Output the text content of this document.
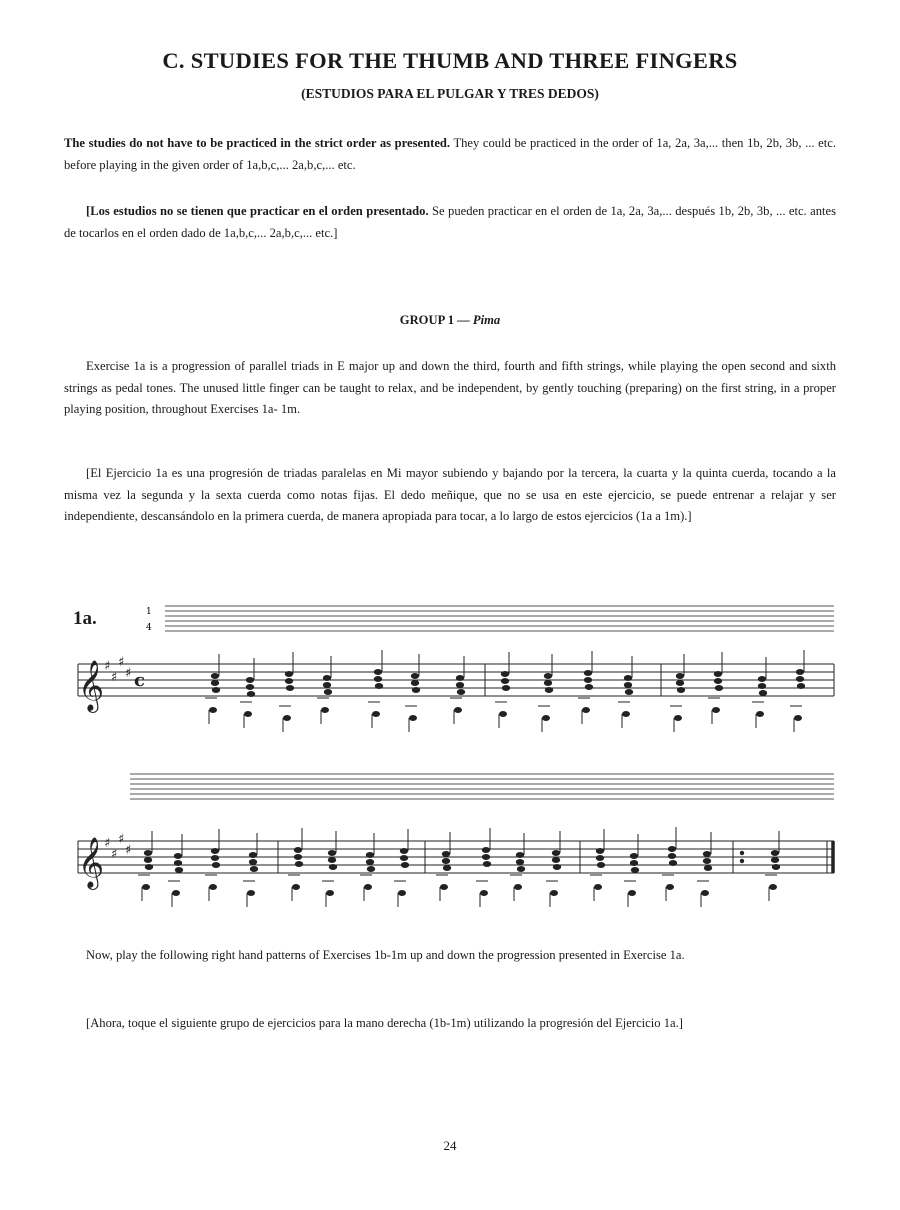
C. STUDIES FOR THE THUMB AND THREE FINGERS
(ESTUDIOS PARA EL PULGAR Y TRES DEDOS)
The studies do not have to be practiced in the strict order as presented. They could be practiced in the order of 1a, 2a, 3a,... then 1b, 2b, 3b, ... etc. before playing in the given order of 1a,b,c,... 2a,b,c,... etc.
[Los estudios no se tienen que practicar en el orden presentado. Se pueden practicar en el orden de 1a, 2a, 3a,... después 1b, 2b, 3b, ... etc. antes de tocarlos en el orden dado de 1a,b,c,... 2a,b,c,... etc.]
GROUP 1 — Pima
Exercise 1a is a progression of parallel triads in E major up and down the third, fourth and fifth strings, while playing the open second and sixth strings as pedal tones. The unused little finger can be taught to relax, and be independent, by gently touching (preparing) on the first string, in a proper playing position, throughout Exercises 1a- 1m.
[El Ejercicio 1a es una progresión de triadas paralelas en Mi mayor subiendo y bajando por la tercera, la cuarta y la quinta cuerda, tocando a la misma vez la segunda y la sexta cuerda como notas fijas. El dedo meñique, que no se usa en este ejercicio, se puede entrenar a relajar y ser independiente, descansándolo en la primera cuerda, de manera apropiada para tocar, a lo largo de estos ejercicios (1a a 1m).]
1a.	1
4
𝄞 ♯
♯
♯
♯ c
𝄞 ♯
♯
♯
♯
Now, play the following right hand patterns of Exercises 1b-1m up and down the progression presented in Exercise 1a.
[Ahora, toque el siguiente grupo de ejercicios para la mano derecha (1b-1m) utilizando la progresión del Ejercicio 1a.]
24
